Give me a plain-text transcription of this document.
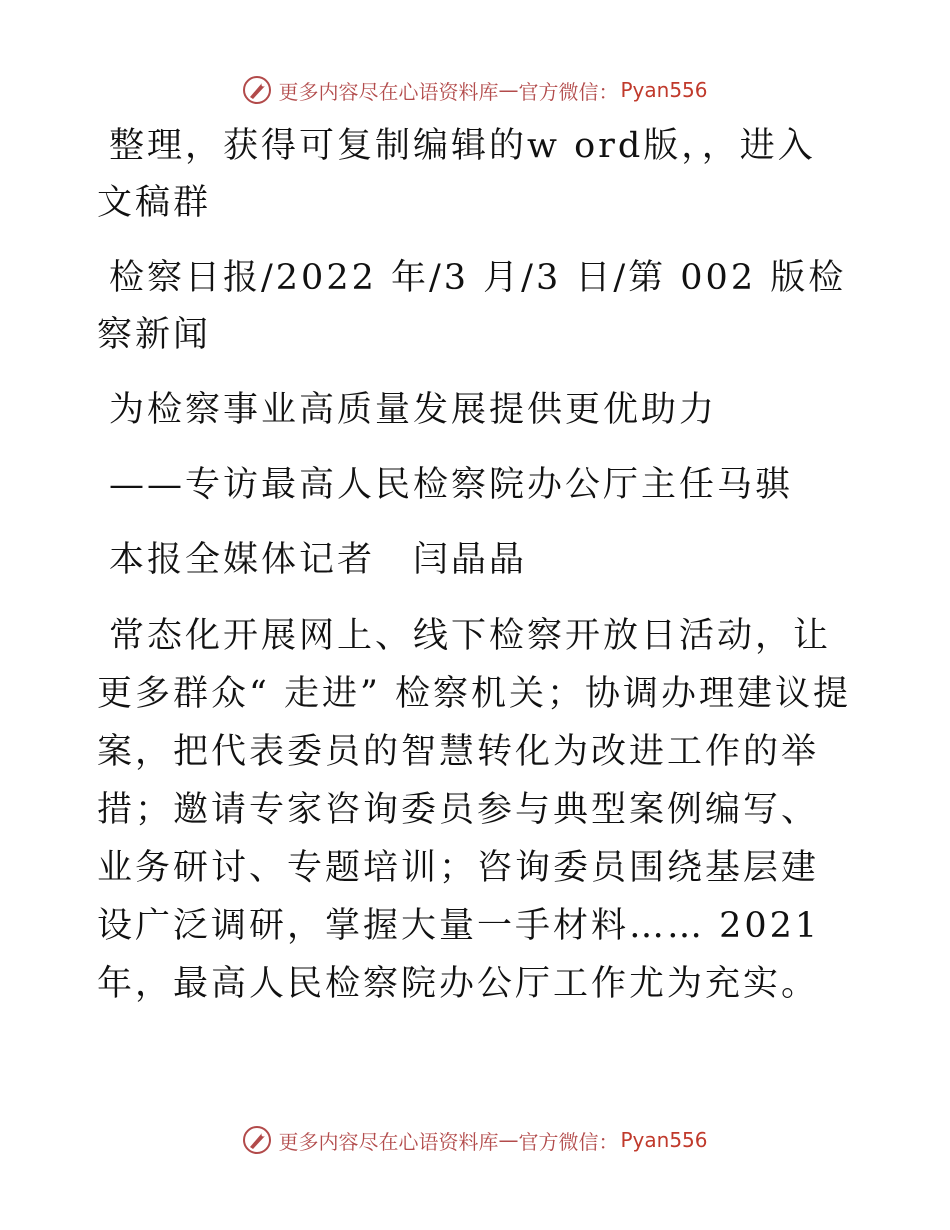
更多内容尽在心语资料库 — 官方微信： Pyan556

整理，获得可复制编辑的w ord版，，进入文稿群

检察日报/2022 年/3 月/3 日/第 002 版检察新闻

为检察事业高质量发展提供更优助力

——专访最高人民检察院办公厅主任马骐

本报全媒体记者　闫晶晶

常态化开展网上、线下检察开放日活动，让更多群众“ 走进” 检察机关；协调办理建议提案，把代表委员的智慧转化为改进工作的举措；邀请专家咨询委员参与典型案例编写、业务研讨、专题培训；咨询委员围绕基层建设广泛调研，掌握大量一手材料…… 2021 年，最高人民检察院办公厅工作尤为充实。

更多内容尽在心语资料库 — 官方微信： Pyan556
